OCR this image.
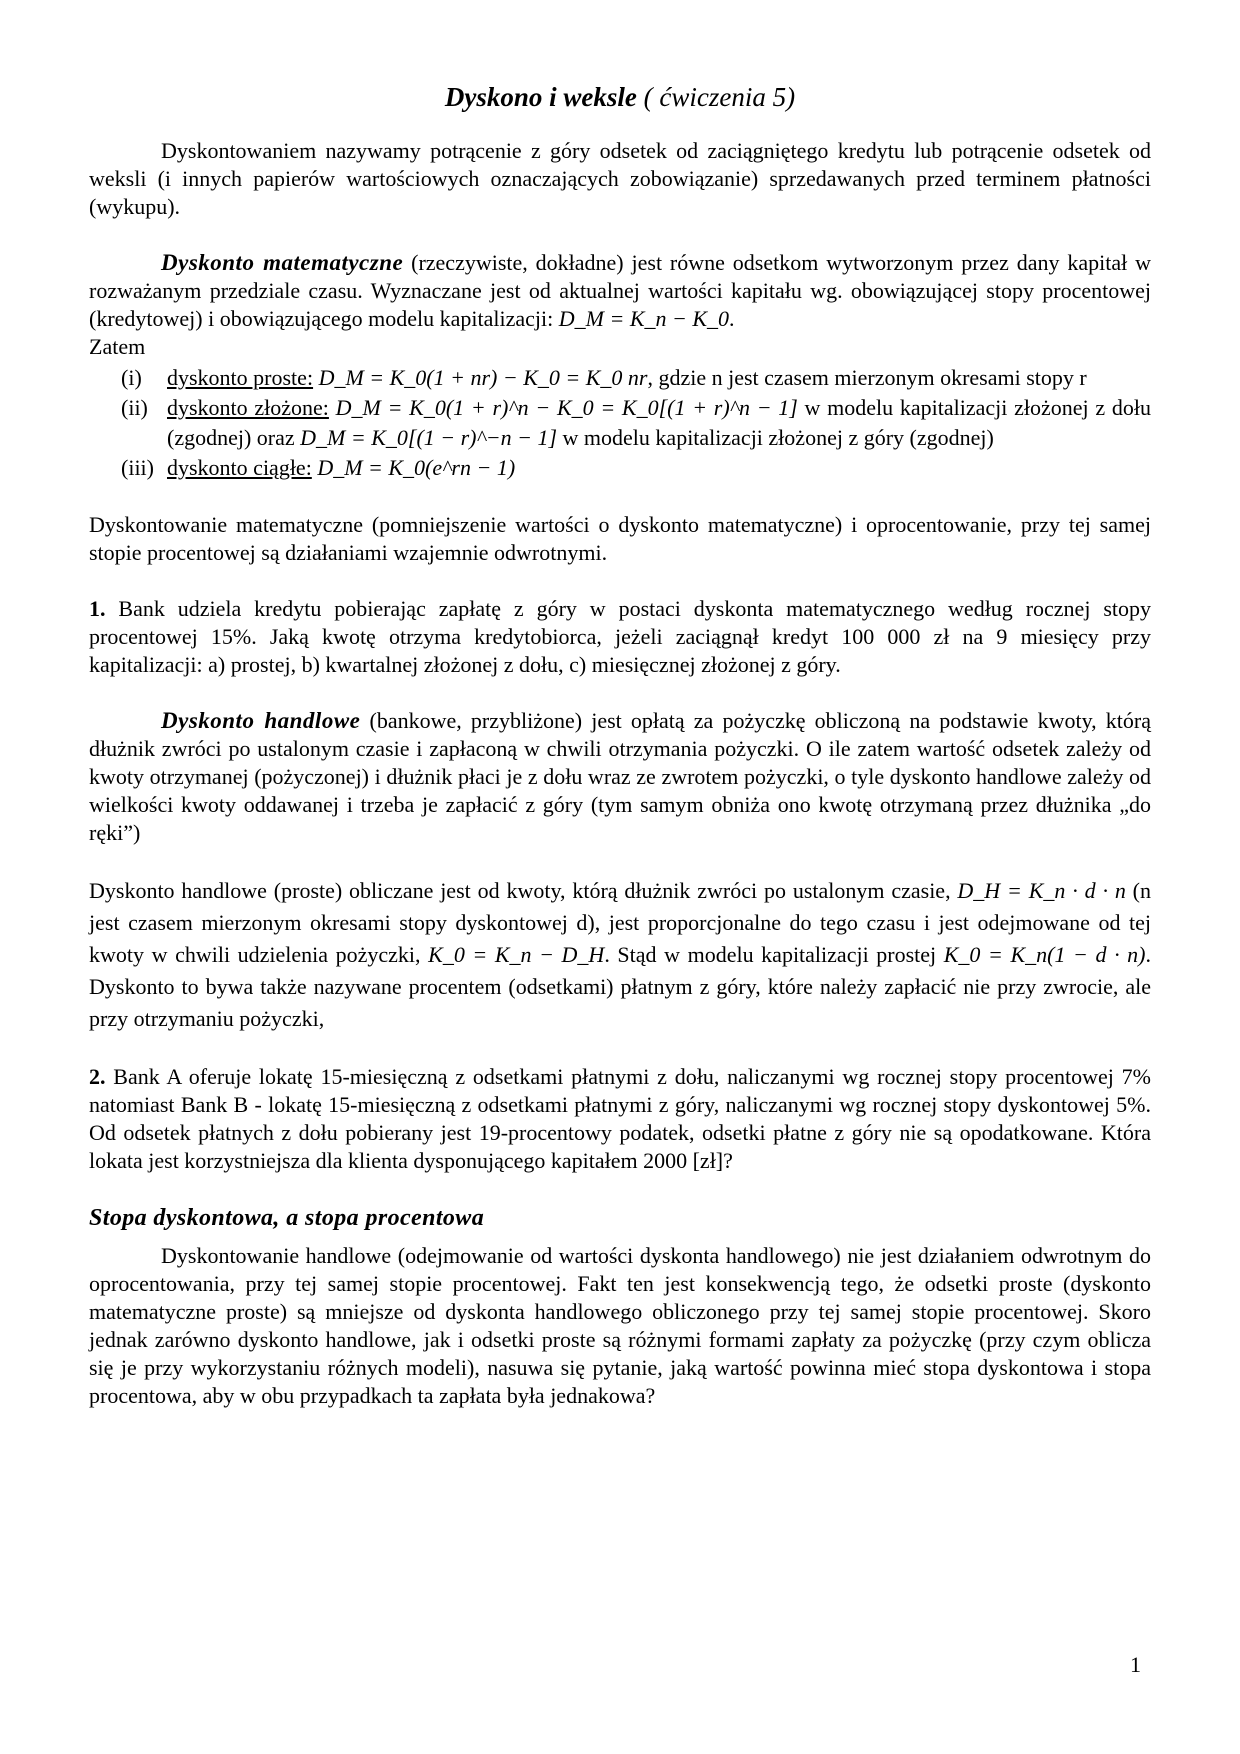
Dyskono i weksle ( ćwiczenia 5)

Dyskontowaniem nazywamy potrącenie z góry odsetek od zaciągniętego kredytu lub potrącenie odsetek od weksli (i innych papierów wartościowych oznaczających zobowiązanie) sprzedawanych przed terminem płatności (wykupu).

Dyskonto matematyczne (rzeczywiste, dokładne) jest równe odsetkom wytworzonym przez dany kapitał w rozważanym przedziale czasu. Wyznaczane jest od aktualnej wartości kapitału wg. obowiązującej stopy procentowej (kredytowej) i obowiązującego modelu kapitalizacji: D_M = K_n − K_0.

Zatem

(i)	dyskonto proste: D_M = K_0(1 + nr) − K_0 = K_0 nr, gdzie n jest czasem mierzonym okresami stopy r
(ii) dyskonto złożone: D_M = K_0(1 + r)^n − K_0 = K_0[(1 + r)^n − 1] w modelu kapitalizacji złożonej z dołu (zgodnej) oraz D_M = K_0[(1 − r)^−n − 1] w modelu kapitalizacji złożonej z góry (zgodnej)
(iii) dyskonto ciągłe: D_M = K_0(e^rn − 1)

Dyskontowanie matematyczne (pomniejszenie wartości o dyskonto matematyczne) i oprocentowanie, przy tej samej stopie procentowej są działaniami wzajemnie odwrotnymi.

1. Bank udziela kredytu pobierając zapłatę z góry w postaci dyskonta matematycznego według rocznej stopy procentowej 15%. Jaką kwotę otrzyma kredytobiorca, jeżeli zaciągnął kredyt 100 000 zł na 9 miesięcy przy kapitalizacji: a) prostej, b) kwartalnej złożonej z dołu, c) miesięcznej złożonej z góry.

Dyskonto handlowe (bankowe, przybliżone) jest opłatą za pożyczkę obliczoną na podstawie kwoty, którą dłużnik zwróci po ustalonym czasie i zapłaconą w chwili otrzymania pożyczki. O ile zatem wartość odsetek zależy od kwoty otrzymanej (pożyczonej) i dłużnik płaci je z dołu wraz ze zwrotem pożyczki, o tyle dyskonto handlowe zależy od wielkości kwoty oddawanej i trzeba je zapłacić z góry (tym samym obniża ono kwotę otrzymaną przez dłużnika „do ręki”)

Dyskonto handlowe (proste) obliczane jest od kwoty, którą dłużnik zwróci po ustalonym czasie, D_H = K_n · d · n (n jest czasem mierzonym okresami stopy dyskontowej d), jest proporcjonalne do tego czasu i jest odejmowane od tej kwoty w chwili udzielenia pożyczki, K_0 = K_n − D_H. Stąd w modelu kapitalizacji prostej K_0 = K_n(1 − d · n). Dyskonto to bywa także nazywane procentem (odsetkami) płatnym z góry, które należy zapłacić nie przy zwrocie, ale przy otrzymaniu pożyczki,

2. Bank A oferuje lokatę 15-miesięczną z odsetkami płatnymi z dołu, naliczanymi wg rocznej stopy procentowej 7% natomiast Bank B - lokatę 15-miesięczną z odsetkami płatnymi z góry, naliczanymi wg rocznej stopy dyskontowej 5%. Od odsetek płatnych z dołu pobierany jest 19-procentowy podatek, odsetki płatne z góry nie są opodatkowane. Która lokata jest korzystniejsza dla klienta dysponującego kapitałem 2000 [zł]?

Stopa dyskontowa, a stopa procentowa

Dyskontowanie handlowe (odejmowanie od wartości dyskonta handlowego) nie jest działaniem odwrotnym do oprocentowania, przy tej samej stopie procentowej. Fakt ten jest konsekwencją tego, że odsetki proste (dyskonto matematyczne proste) są mniejsze od dyskonta handlowego obliczonego przy tej samej stopie procentowej. Skoro jednak zarówno dyskonto handlowe, jak i odsetki proste są różnymi formami zapłaty za pożyczkę (przy czym oblicza się je przy wykorzystaniu różnych modeli), nasuwa się pytanie, jaką wartość powinna mieć stopa dyskontowa i stopa procentowa, aby w obu przypadkach ta zapłata była jednakowa?

1
